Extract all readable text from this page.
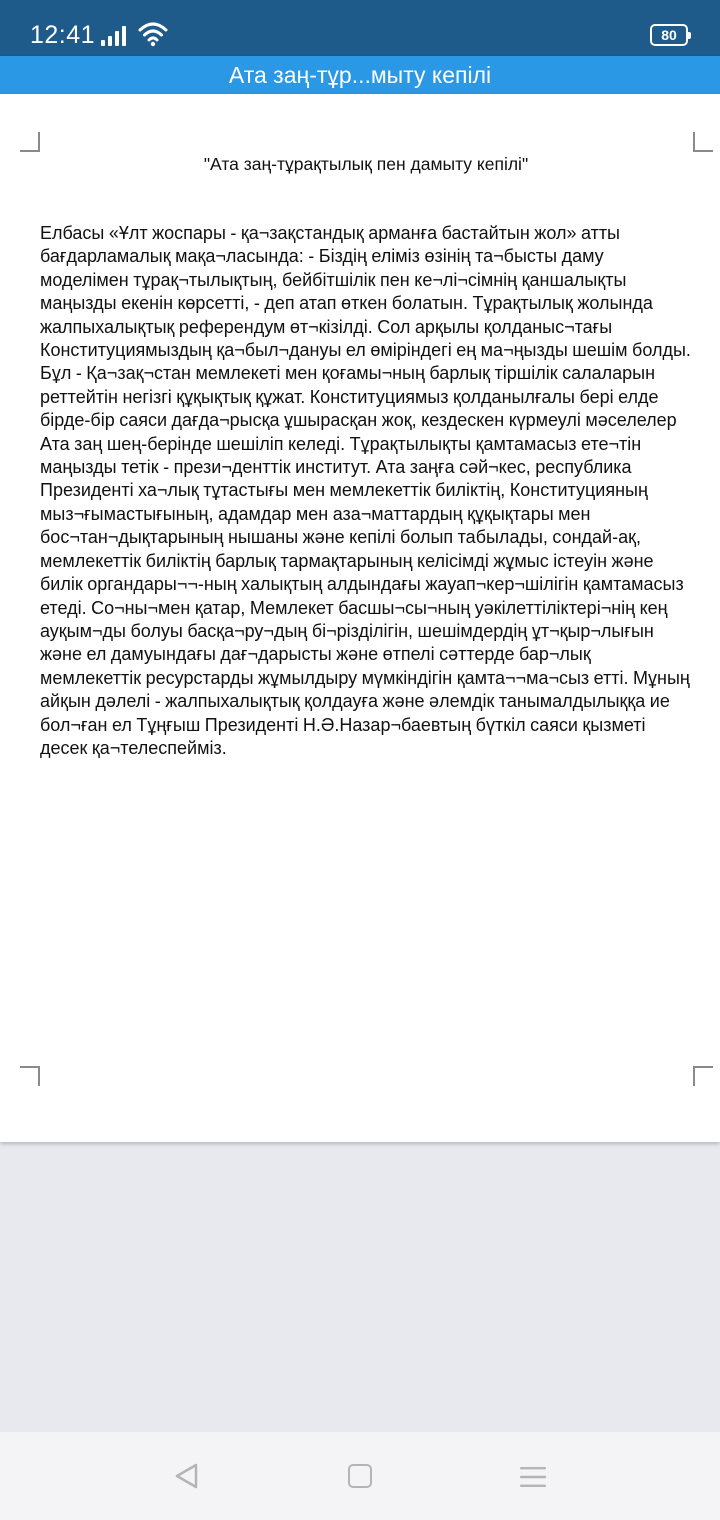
12:41	80
Ата заң-тұр...мыту кепілі
"Ата заң-тұрақтылық пен дамыту кепілі"
Елбасы «Ұлт жоспары - қа¬зақстандық арманға бастайтын жол» атты бағдарламалық мақа¬ласында: - Біздің еліміз өзінің та¬бысты даму моделімен тұрақ¬тылықтың, бейбітшілік пен ке¬лі¬сімнің қаншалықты маңызды екенін көрсетті, - деп атап өткен болатын. Тұрақтылық жолында жалпыхалықтық референдум өт¬кізілді. Сол арқылы қолданыс¬тағы Конституциямыздың қа¬был¬дануы ел өміріндегі ең ма¬ңызды шешім болды. Бұл - Қа¬зақ¬стан мемлекеті мен қоғамы¬ның барлық тіршілік салаларын реттейтін негізгі құқықтық құжат. Конституциямыз қолданылғалы бері елде бірде-бір саяси дағда¬рысқа ұшырасқан жоқ, кездескен күрмеулі мәселелер Ата заң шең-берінде шешіліп келеді. Тұрақтылықты қамтамасыз ете¬тін маңызды тетік - прези¬денттік институт. Ата заңға сәй¬кес, республика Президенті ха¬лық тұтастығы мен мемлекеттік биліктің, Конституцияның мыз¬ғымастығының, адамдар мен аза¬маттардың құқықтары мен бос¬тан¬дықтарының нышаны және кепілі болып табылады, сондай-ақ, мемлекеттік биліктің барлық тармақтарының келісімді жұмыс істеуін және билік органдары¬¬-ның халықтың алдындағы жауап¬кер¬шілігін қамтамасыз етеді. Со¬ны¬мен қатар, Мемлекет басшы¬сы¬ның уәкілеттіліктері¬нің кең ауқым¬ды болуы басқа¬ру¬дың бі¬різділігін, шешімдердің ұт¬қыр¬лығын және ел дамуындағы дағ¬дарысты және өтпелі сәттерде бар¬лық мемлекеттік ресурстарды жұмылдыру мүмкіндігін қамта¬¬ма¬сыз етті. Мұның айқын дәлелі - жалпыхалықтық қолдауға және әлемдік танымалдылыққа ие бол¬ған ел Тұңғыш Президенті Н.Ә.Назар¬баевтың бүткіл саяси қызметі десек қа¬телеспейміз.
